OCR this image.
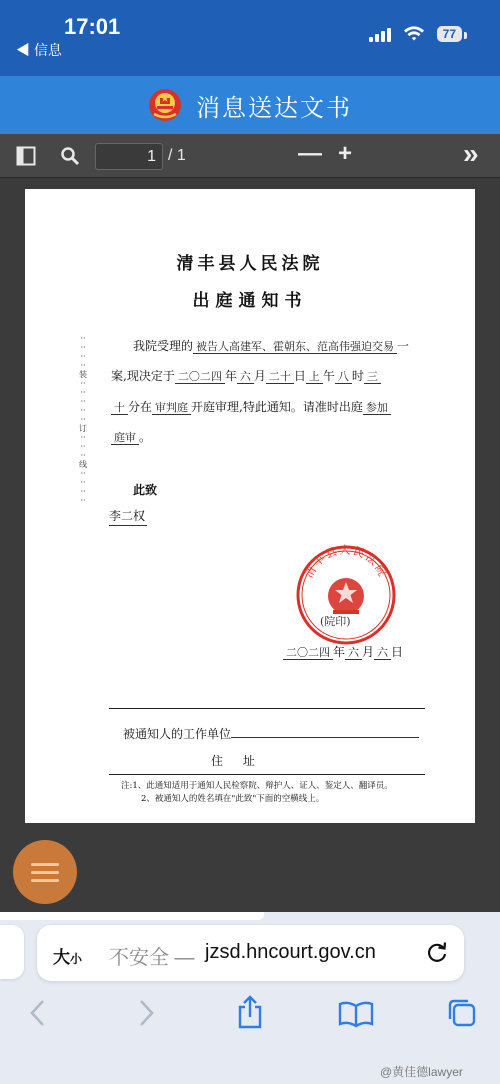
17:01
◀ 信息
77
消息送达文书
1
/ 1	— +	»
清丰县人民法院
出庭通知书
··
··
··
··
装
··
··
··
··
··
订
··
··
··
线
··
··
··
··
我院受理的 被告人高建军、霍朝东、范高伟强迫交易 一
案,现决定于 二〇二四 年 六 月 二十 日 上 午 八 时 三
十 分在 审判庭 开庭审理,特此通知。请准时出庭 参加
庭审 。
此致
李二权
清丰县人民法院
(院印)
二〇二四 年 六 月 六 日
被通知人的工作单位
住 址
注:1、此通知适用于通知人民检察院、辩护人、证人、鉴定人、翻译员。
2、被通知人的姓名填在"此致"下面的空横线上。
大小 不安全 — jzsd.hncourt.gov.cn
@黄佳德lawyer
